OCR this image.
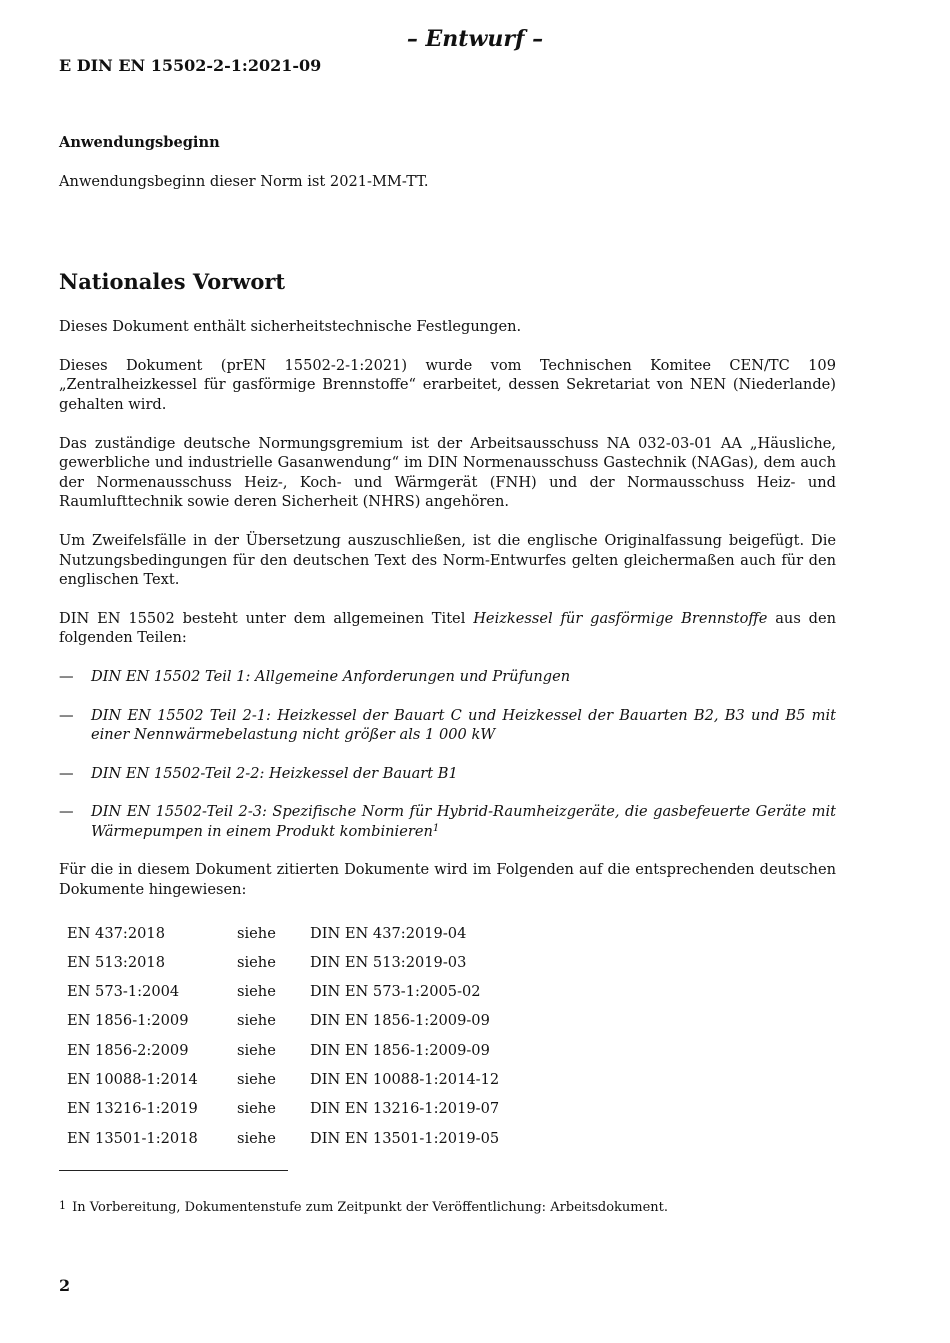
– Entwurf –
E DIN EN 15502-2-1:2021-09

Anwendungsbeginn

Anwendungsbeginn dieser Norm ist 2021-MM-TT.

Nationales Vorwort

Dieses Dokument enthält sicherheitstechnische Festlegungen.

Dieses Dokument (prEN 15502-2-1:2021) wurde vom Technischen Komitee CEN/TC 109 „Zentralheizkessel für gasförmige Brennstoffe“ erarbeitet, dessen Sekretariat von NEN (Niederlande) gehalten wird.

Das zuständige deutsche Normungsgremium ist der Arbeitsausschuss NA 032-03-01 AA „Häusliche, gewerbliche und industrielle Gasanwendung“ im DIN Normenausschuss Gastechnik (NAGas), dem auch der Normenausschuss Heiz-, Koch- und Wärmgerät (FNH) und der Normausschuss Heiz- und Raumlufttechnik sowie deren Sicherheit (NHRS) angehören.

Um Zweifelsfälle in der Übersetzung auszuschließen, ist die englische Originalfassung beigefügt. Die Nutzungsbedingungen für den deutschen Text des Norm-Entwurfes gelten gleichermaßen auch für den englischen Text.

DIN EN 15502 besteht unter dem allgemeinen Titel Heizkessel für gasförmige Brennstoffe aus den folgenden Teilen:

— DIN EN 15502 Teil 1: Allgemeine Anforderungen und Prüfungen
— DIN EN 15502 Teil 2-1: Heizkessel der Bauart C und Heizkessel der Bauarten B2, B3 und B5 mit einer Nennwärmebelastung nicht größer als 1 000 kW
— DIN EN 15502-Teil 2-2: Heizkessel der Bauart B1
— DIN EN 15502-Teil 2-3: Spezifische Norm für Hybrid-Raumheizgeräte, die gasbefeuerte Geräte mit Wärmepumpen in einem Produkt kombinieren$^1$

Für die in diesem Dokument zitierten Dokumente wird im Folgenden auf die entsprechenden deutschen Dokumente hingewiesen:

EN 437:2018	siehe	DIN EN 437:2019-04
EN 513:2018	siehe	DIN EN 513:2019-03
EN 573-1:2004	siehe	DIN EN 573-1:2005-02
EN 1856-1:2009	siehe	DIN EN 1856-1:2009-09
EN 1856-2:2009	siehe	DIN EN 1856-1:2009-09
EN 10088-1:2014	siehe	DIN EN 10088-1:2014-12
EN 13216-1:2019	siehe	DIN EN 13216-1:2019-07
EN 13501-1:2018	siehe	DIN EN 13501-1:2019-05
$^1$ In Vorbereitung, Dokumentenstufe zum Zeitpunkt der Veröffentlichung: Arbeitsdokument.
2
